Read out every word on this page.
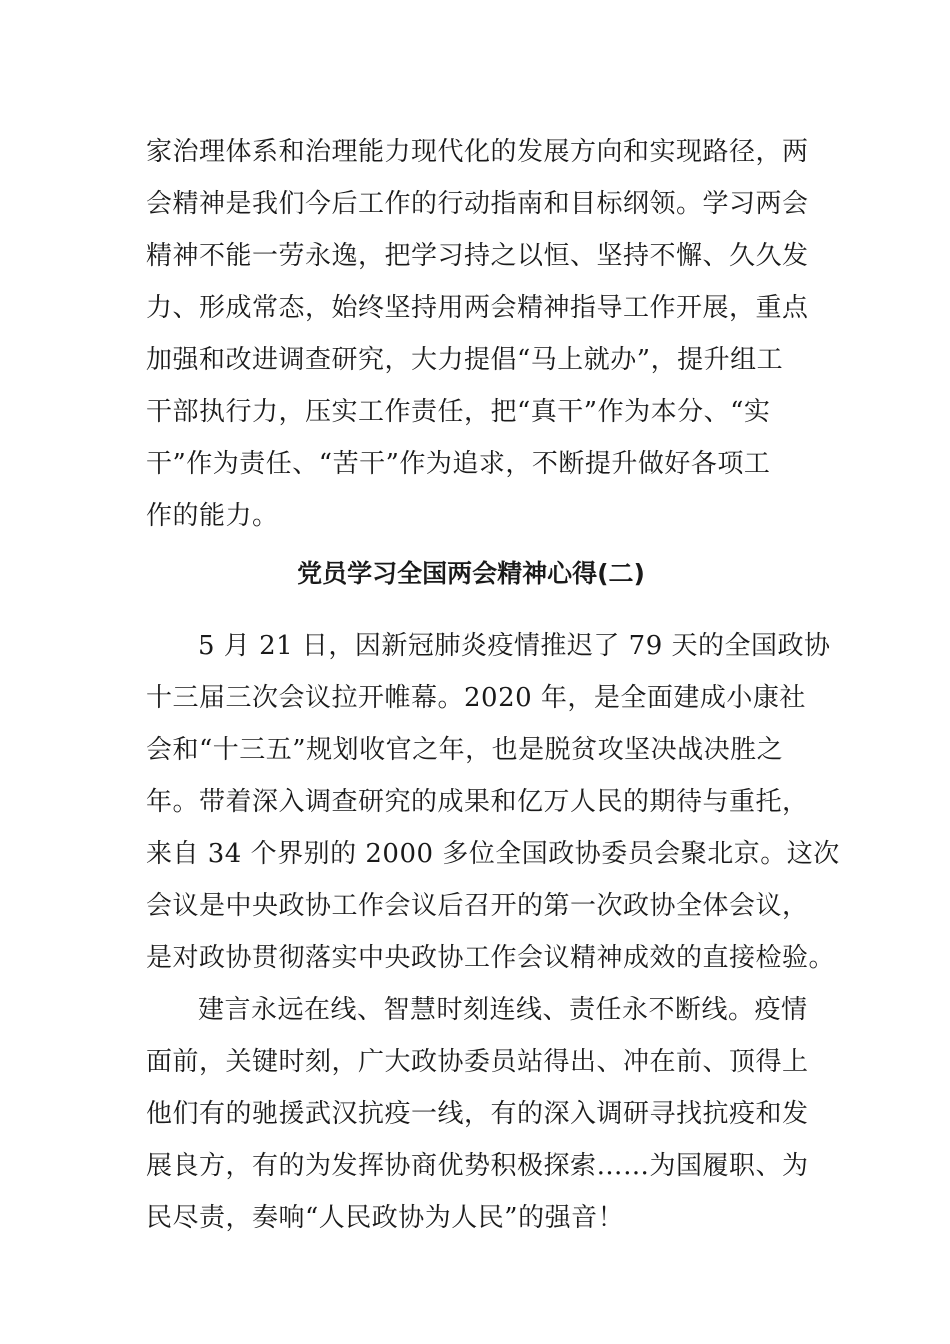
家治理体系和治理能力现代化的发展方向和实现路径，两
会精神是我们今后工作的行动指南和目标纲领。学习两会
精神不能一劳永逸，把学习持之以恒、坚持不懈、久久发
力、形成常态，始终坚持用两会精神指导工作开展，重点
加强和改进调查研究，大力提倡“马上就办”，提升组工
干部执行力，压实工作责任，把“真干”作为本分、“实
干”作为责任、“苦干”作为追求，不断提升做好各项工
作的能力。
党员学习全国两会精神心得(二)
5 月 21 日，因新冠肺炎疫情推迟了 79 天的全国政协
十三届三次会议拉开帷幕。2020 年，是全面建成小康社
会和“十三五”规划收官之年，也是脱贫攻坚决战决胜之
年。带着深入调查研究的成果和亿万人民的期待与重托，
来自 34 个界别的 2000 多位全国政协委员会聚北京。这次
会议是中央政协工作会议后召开的第一次政协全体会议，
是对政协贯彻落实中央政协工作会议精神成效的直接检验。
建言永远在线、智慧时刻连线、责任永不断线。疫情
面前，关键时刻，广大政协委员站得出、冲在前、顶得上
他们有的驰援武汉抗疫一线，有的深入调研寻找抗疫和发
展良方，有的为发挥协商优势积极探索……为国履职、为
民尽责，奏响“人民政协为人民”的强音！
